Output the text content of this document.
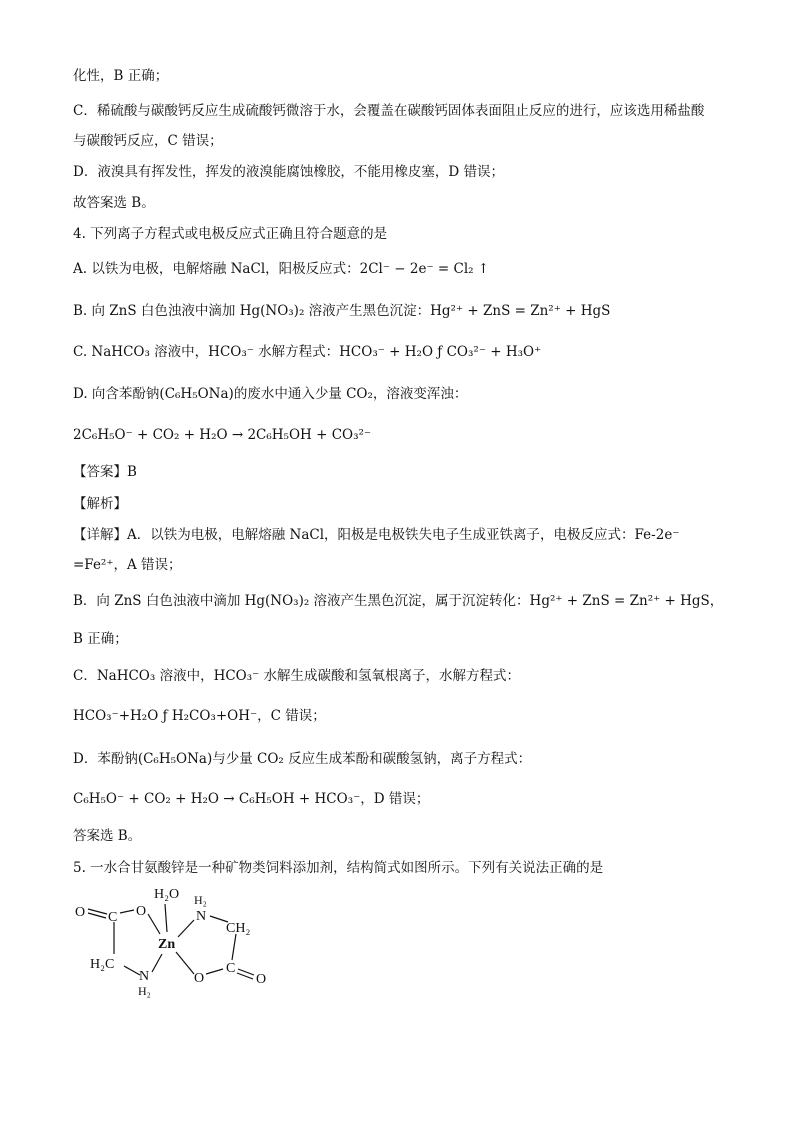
化性，B 正确；
C．稀硫酸与碳酸钙反应生成硫酸钙微溶于水，会覆盖在碳酸钙固体表面阻止反应的进行，应该选用稀盐酸
与碳酸钙反应，C 错误；
D．液溴具有挥发性，挥发的液溴能腐蚀橡胶，不能用橡皮塞，D 错误；
故答案选 B。
4. 下列离子方程式或电极反应式正确且符合题意的是
A. 以铁为电极，电解熔融 NaCl，阳极反应式：2Cl⁻ − 2e⁻ = Cl₂ ↑
B. 向 ZnS 白色浊液中滴加 Hg(NO₃)₂ 溶液产生黑色沉淀：Hg²⁺ + ZnS = Zn²⁺ + HgS
C. NaHCO₃ 溶液中，HCO₃⁻ 水解方程式：HCO₃⁻ + H₂O ƒ CO₃²⁻ + H₃O⁺
D. 向含苯酚钠(C₆H₅ONa)的废水中通入少量 CO₂，溶液变浑浊：
2C₆H₅O⁻ + CO₂ + H₂O → 2C₆H₅OH + CO₃²⁻
【答案】B
【解析】
【详解】A．以铁为电极，电解熔融 NaCl，阳极是电极铁失电子生成亚铁离子，电极反应式：Fe-2e⁻
=Fe²⁺，A 错误；
B．向 ZnS 白色浊液中滴加 Hg(NO₃)₂ 溶液产生黑色沉淀，属于沉淀转化：Hg²⁺ + ZnS = Zn²⁺ + HgS，
B 正确；
C．NaHCO₃ 溶液中，HCO₃⁻ 水解生成碳酸和氢氧根离子，水解方程式：
HCO₃⁻+H₂O ƒ H₂CO₃+OH⁻，C 错误；
D．苯酚钠(C₆H₅ONa)与少量 CO₂ 反应生成苯酚和碳酸氢钠，离子方程式：
C₆H₅O⁻ + CO₂ + H₂O → C₆H₅OH + HCO₃⁻，D 错误；
答案选 B。
5. 一水合甘氨酸锌是一种矿物类饲料添加剂，结构简式如图所示。下列有关说法正确的是
H₂O
O C O
Zn
H₂C
N
H₂
H₂
N
CH₂
O
C
O
